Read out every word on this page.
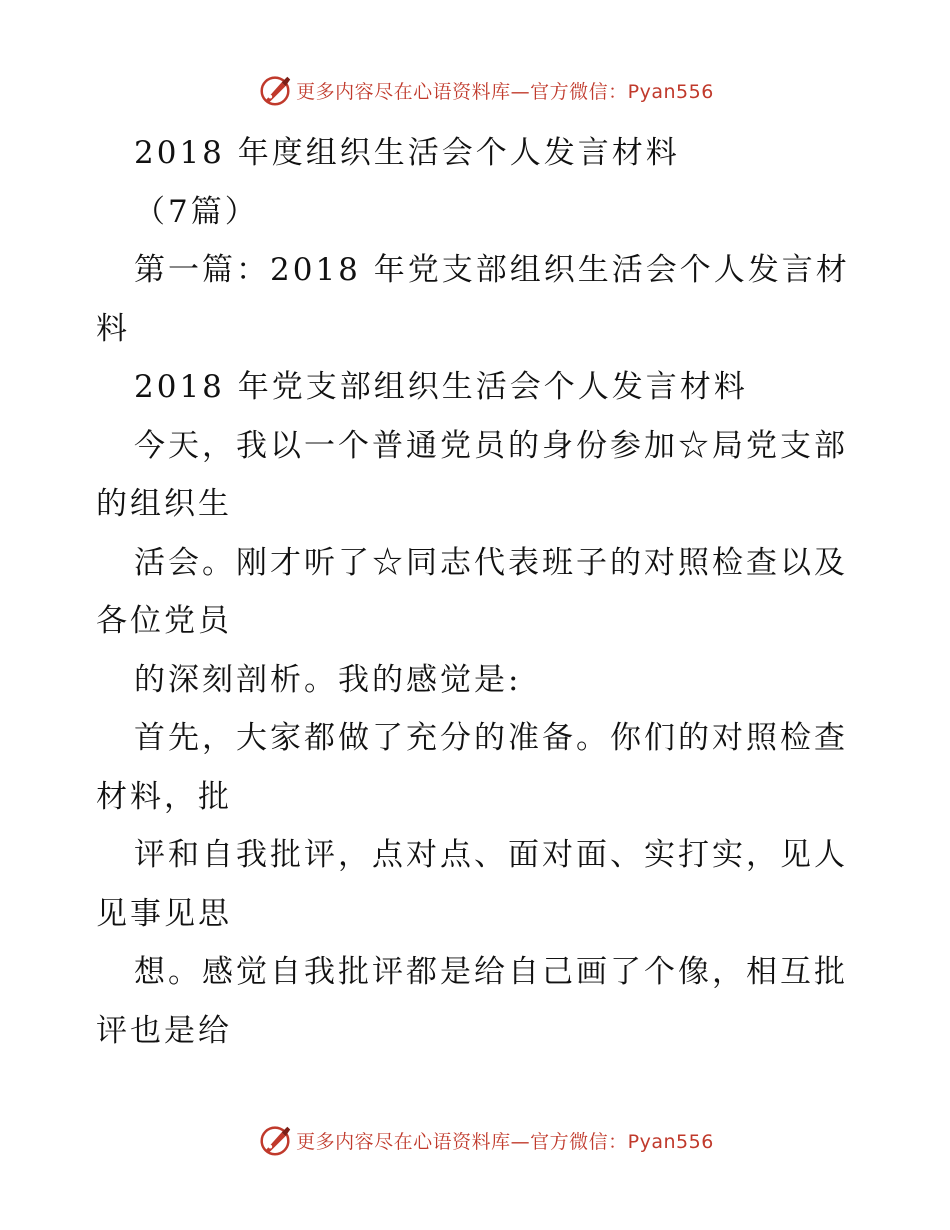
更多内容尽在心语资料库—官方微信：Pyan556

2018 年度组织生活会个人发言材料

（7篇）

第一篇：2018 年党支部组织生活会个人发言材

料

2018 年党支部组织生活会个人发言材料

今天，我以一个普通党员的身份参加☆局党支部

的组织生

活会。刚才听了☆同志代表班子的对照检查以及

各位党员

的深刻剖析。我的感觉是:

首先，大家都做了充分的准备。你们的对照检查

材料，批

评和自我批评，点对点、面对面、实打实，见人

见事见思

想。感觉自我批评都是给自己画了个像，相互批

评也是给

更多内容尽在心语资料库—官方微信：Pyan556
